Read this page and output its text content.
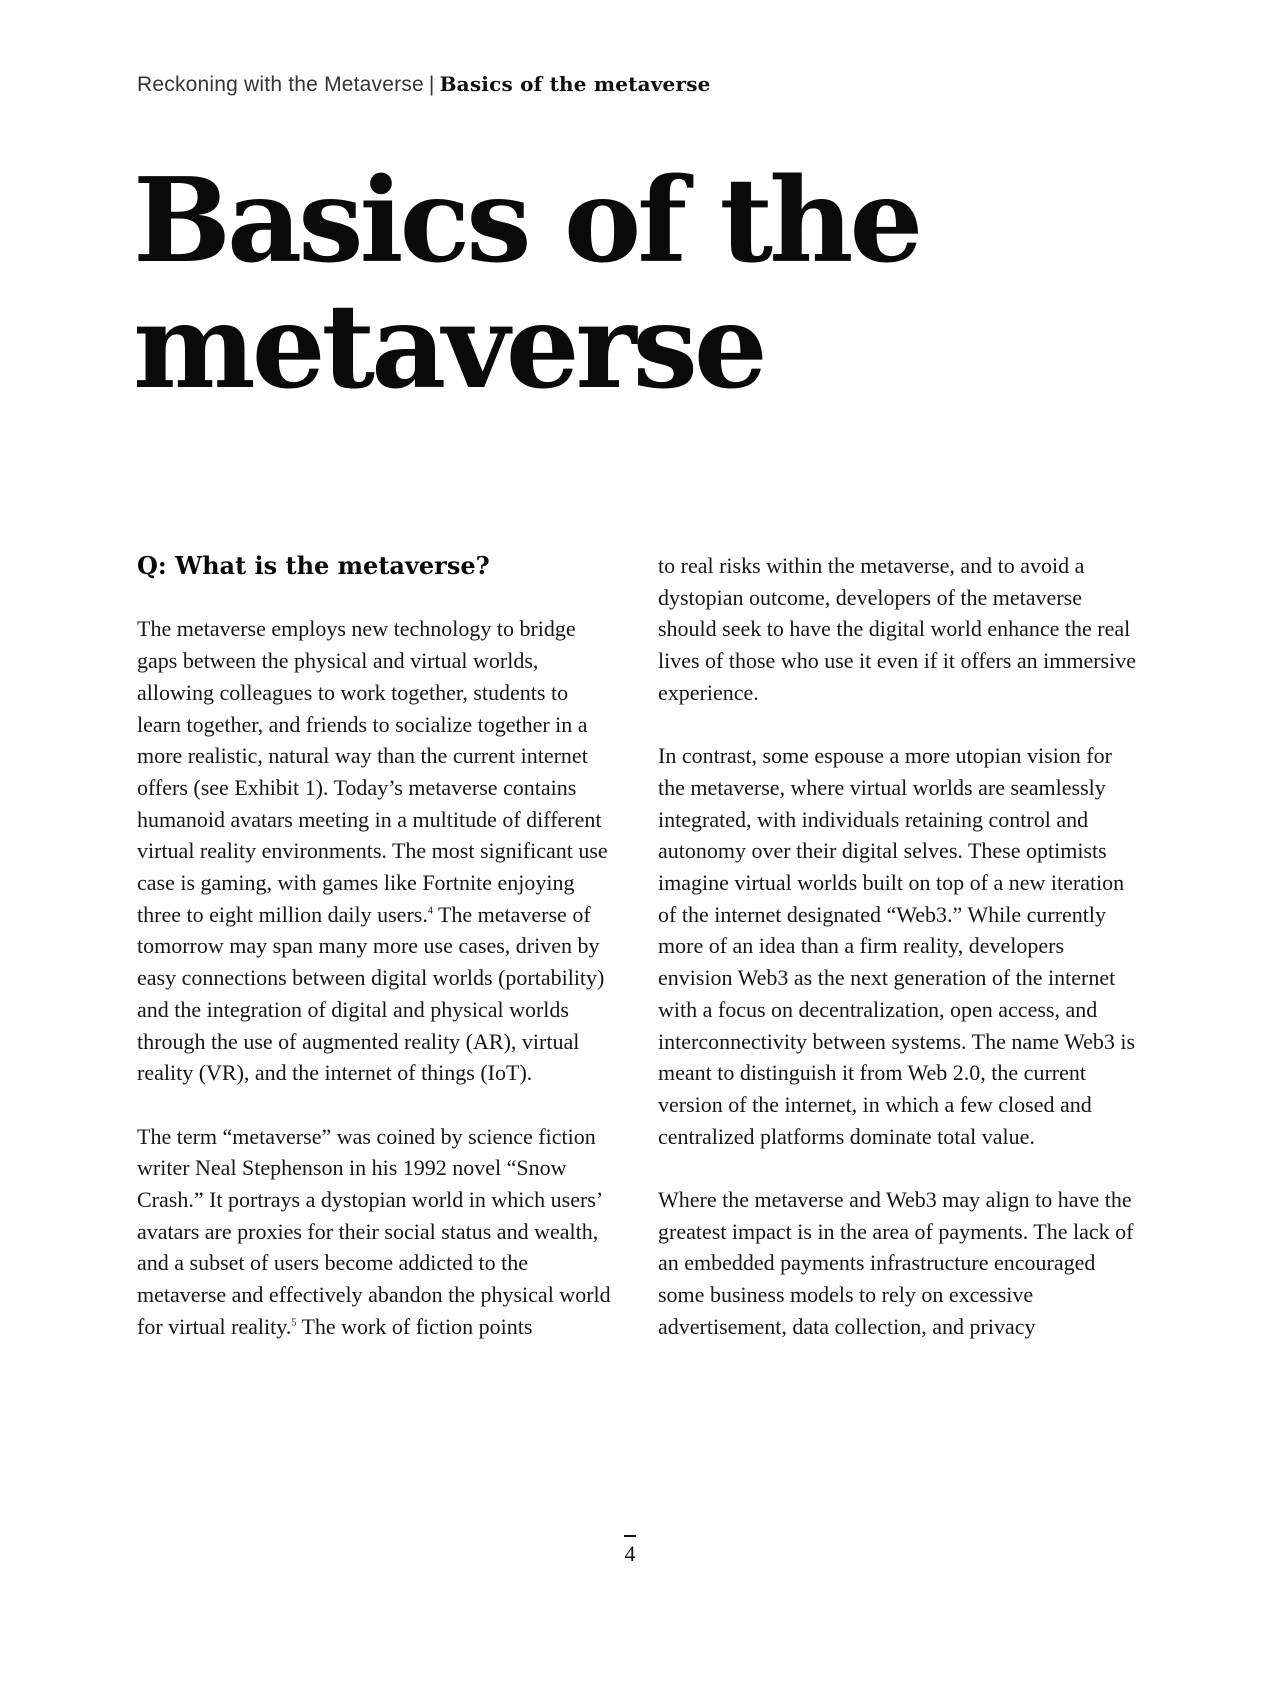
Reckoning with the Metaverse | Basics of the metaverse
Basics of the
metaverse
Q: What is the metaverse?

The metaverse employs new technology to bridge gaps between the physical and virtual worlds, allowing colleagues to work together, students to learn together, and friends to socialize together in a more realistic, natural way than the current internet offers (see Exhibit 1). Today’s metaverse contains humanoid avatars meeting in a multitude of different virtual reality environments. The most significant use case is gaming, with games like Fortnite enjoying three to eight million daily users.$^4$ The metaverse of tomorrow may span many more use cases, driven by easy connections between digital worlds (portability) and the integration of digital and physical worlds through the use of augmented reality (AR), virtual reality (VR), and the internet of things (IoT).

The term “metaverse” was coined by science fiction writer Neal Stephenson in his 1992 novel “Snow Crash.” It portrays a dystopian world in which users’ avatars are proxies for their social status and wealth, and a subset of users become addicted to the metaverse and effectively abandon the physical world for virtual reality.$^5$ The work of fiction points

to real risks within the metaverse, and to avoid a dystopian outcome, developers of the metaverse should seek to have the digital world enhance the real lives of those who use it even if it offers an immersive experience.

In contrast, some espouse a more utopian vision for the metaverse, where virtual worlds are seamlessly integrated, with individuals retaining control and autonomy over their digital selves. These optimists imagine virtual worlds built on top of a new iteration of the internet designated “Web3.” While currently more of an idea than a firm reality, developers envision Web3 as the next generation of the internet with a focus on decentralization, open access, and interconnectivity between systems. The name Web3 is meant to distinguish it from Web 2.0, the current version of the internet, in which a few closed and centralized platforms dominate total value.

Where the metaverse and Web3 may align to have the greatest impact is in the area of payments. The lack of an embedded payments infrastructure encouraged some business models to rely on excessive advertisement, data collection, and privacy

4
